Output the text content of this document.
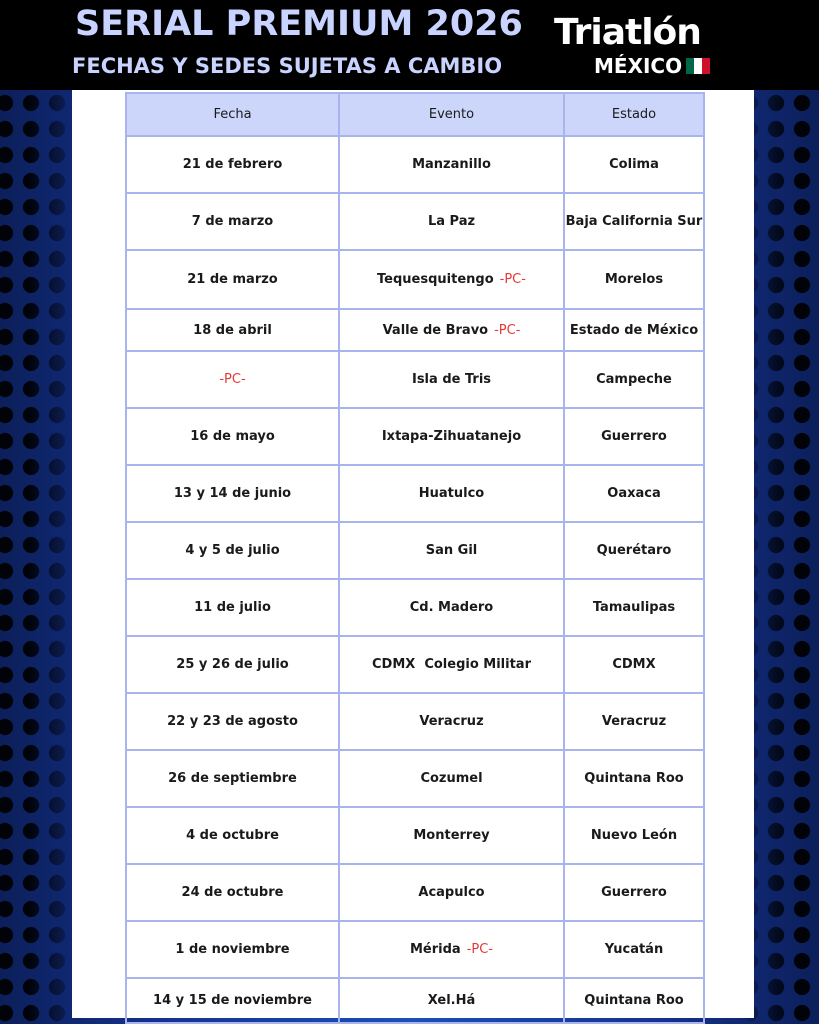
SERIAL PREMIUM 2026
FECHAS Y SEDES SUJETAS A CAMBIO
Triatlón
MÉXICO
Fecha	Evento	Estado
21 de febrero	Manzanillo	Colima
7 de marzo	La Paz	Baja California Sur
21 de marzo	Tequesquitengo -PC-	Morelos
18 de abril	Valle de Bravo -PC-	Estado de México
-PC-	Isla de Tris	Campeche
16 de mayo	Ixtapa-Zihuatanejo	Guerrero
13 y 14 de junio	Huatulco	Oaxaca
4 y 5 de julio	San Gil	Querétaro
11 de julio	Cd. Madero	Tamaulipas
25 y 26 de julio	CDMX  Colegio Militar	CDMX
22 y 23 de agosto	Veracruz	Veracruz
26 de septiembre	Cozumel	Quintana Roo
4 de octubre	Monterrey	Nuevo León
24 de octubre	Acapulco	Guerrero
1 de noviembre	Mérida -PC-	Yucatán
14 y 15 de noviembre	Xel.Há	Quintana Roo
